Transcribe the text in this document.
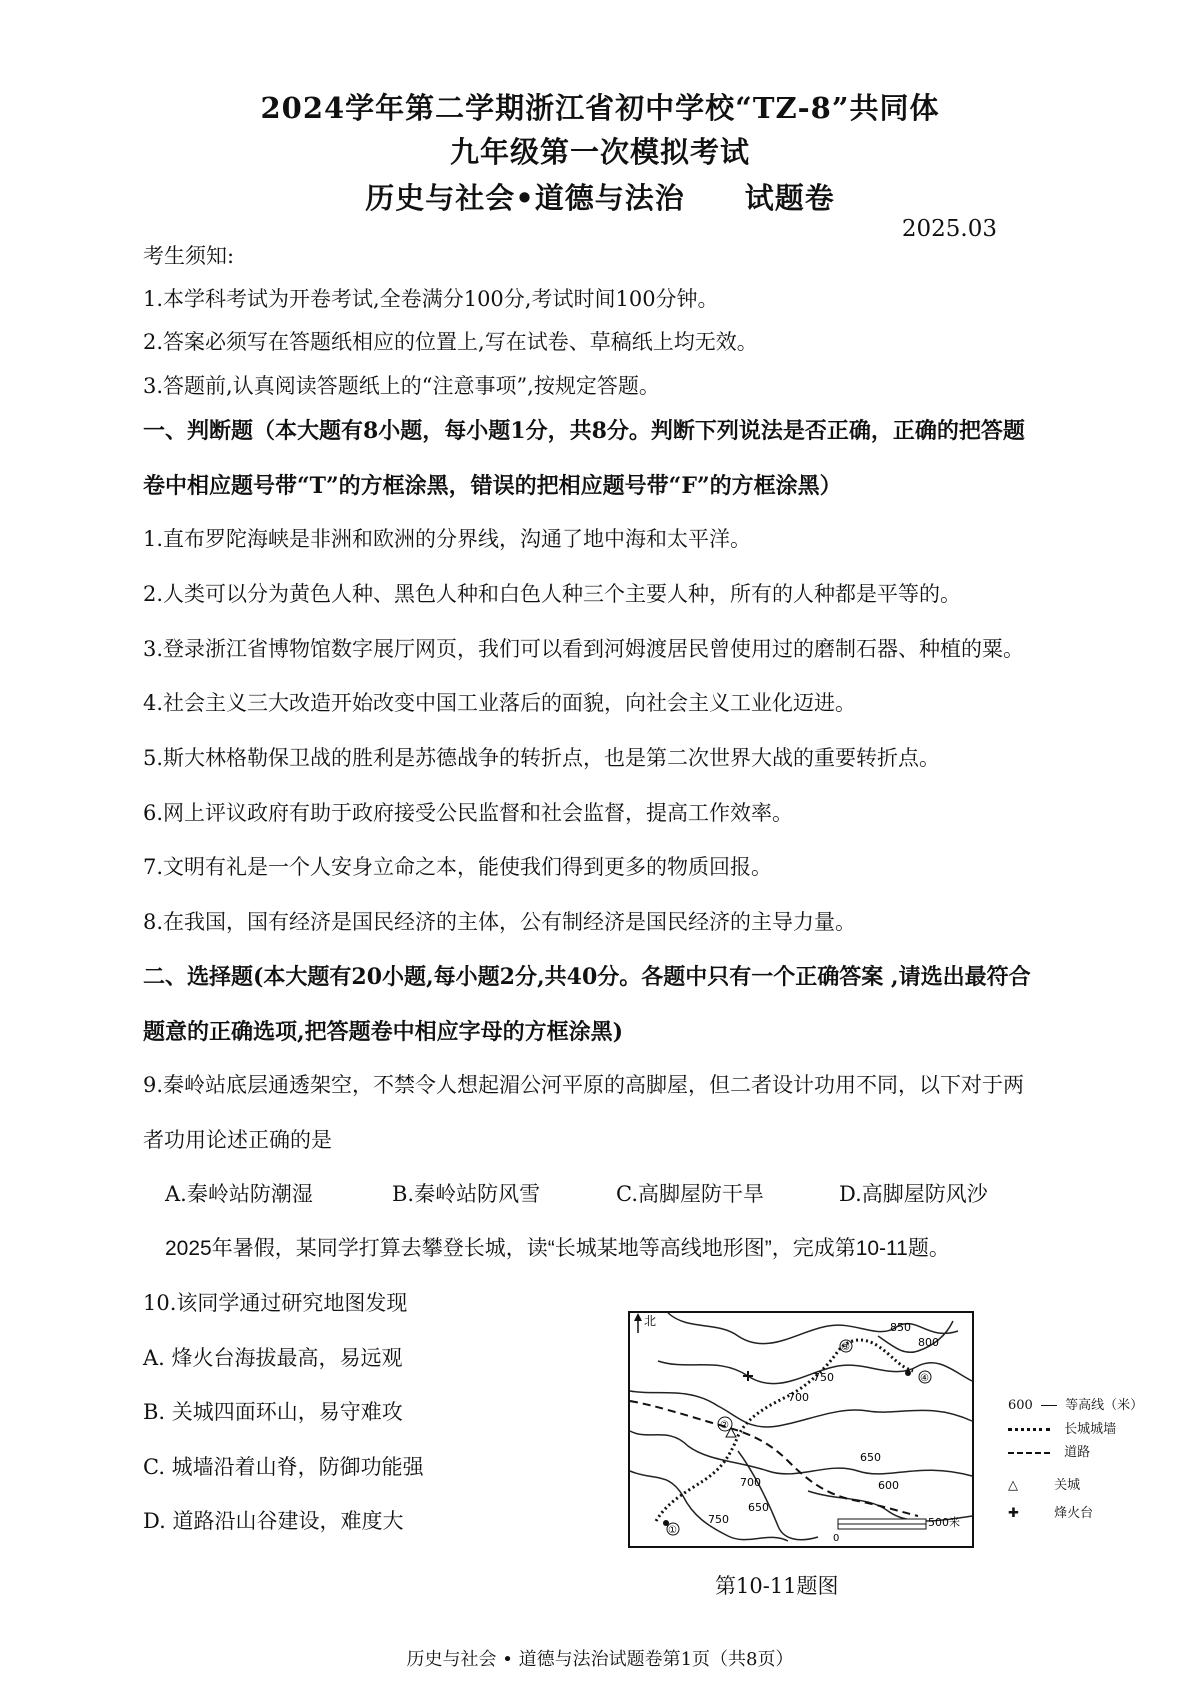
2024学年第二学期浙江省初中学校“TZ-8”共同体
九年级第一次模拟考试
历史与社会•道德与法治　　试题卷
2025.03
考生须知:
1.本学科考试为开卷考试,全卷满分100分,考试时间100分钟。
2.答案必须写在答题纸相应的位置上,写在试卷、草稿纸上均无效。
3.答题前,认真阅读答题纸上的“注意事项”,按规定答题。
一、判断题（本大题有8小题，每小题1分，共8分。判断下列说法是否正确，正确的把答题
卷中相应题号带“T”的方框涂黑，错误的把相应题号带“F”的方框涂黑）
1.直布罗陀海峡是非洲和欧洲的分界线，沟通了地中海和太平洋。
2.人类可以分为黄色人种、黑色人种和白色人种三个主要人种，所有的人种都是平等的。
3.登录浙江省博物馆数字展厅网页，我们可以看到河姆渡居民曾使用过的磨制石器、种植的粟。
4.社会主义三大改造开始改变中国工业落后的面貌，向社会主义工业化迈进。
5.斯大林格勒保卫战的胜利是苏德战争的转折点，也是第二次世界大战的重要转折点。
6.网上评议政府有助于政府接受公民监督和社会监督，提高工作效率。
7.文明有礼是一个人安身立命之本，能使我们得到更多的物质回报。
8.在我国，国有经济是国民经济的主体，公有制经济是国民经济的主导力量。
二、选择题(本大题有20小题,每小题2分,共40分。各题中只有一个正确答案 ,请选出最符合
题意的正确选项,把答题卷中相应字母的方框涂黑)
9.秦岭站底层通透架空，不禁令人想起湄公河平原的高脚屋，但二者设计功用不同，以下对于两
者功用论述正确的是
A.秦岭站防潮湿	B.秦岭站防风雪	C.高脚屋防干旱	D.高脚屋防风沙
2025年暑假，某同学打算去攀登长城，读“长城某地等高线地形图”，完成第10-11题。
10.该同学通过研究地图发现
A. 烽火台海拔最高，易远观
B. 关城四面环山，易守难攻
C. 城墙沿着山脊，防御功能强
D. 道路沿山谷建设，难度大
北
①
②
③
④
850
800
750
700
650
600
700
650
750
0
500米
600 等高线（米）
长城城墙
道路
△	关城
✚	烽火台
第10-11题图
历史与社会 • 道德与法治试题卷第1页（共8页）
